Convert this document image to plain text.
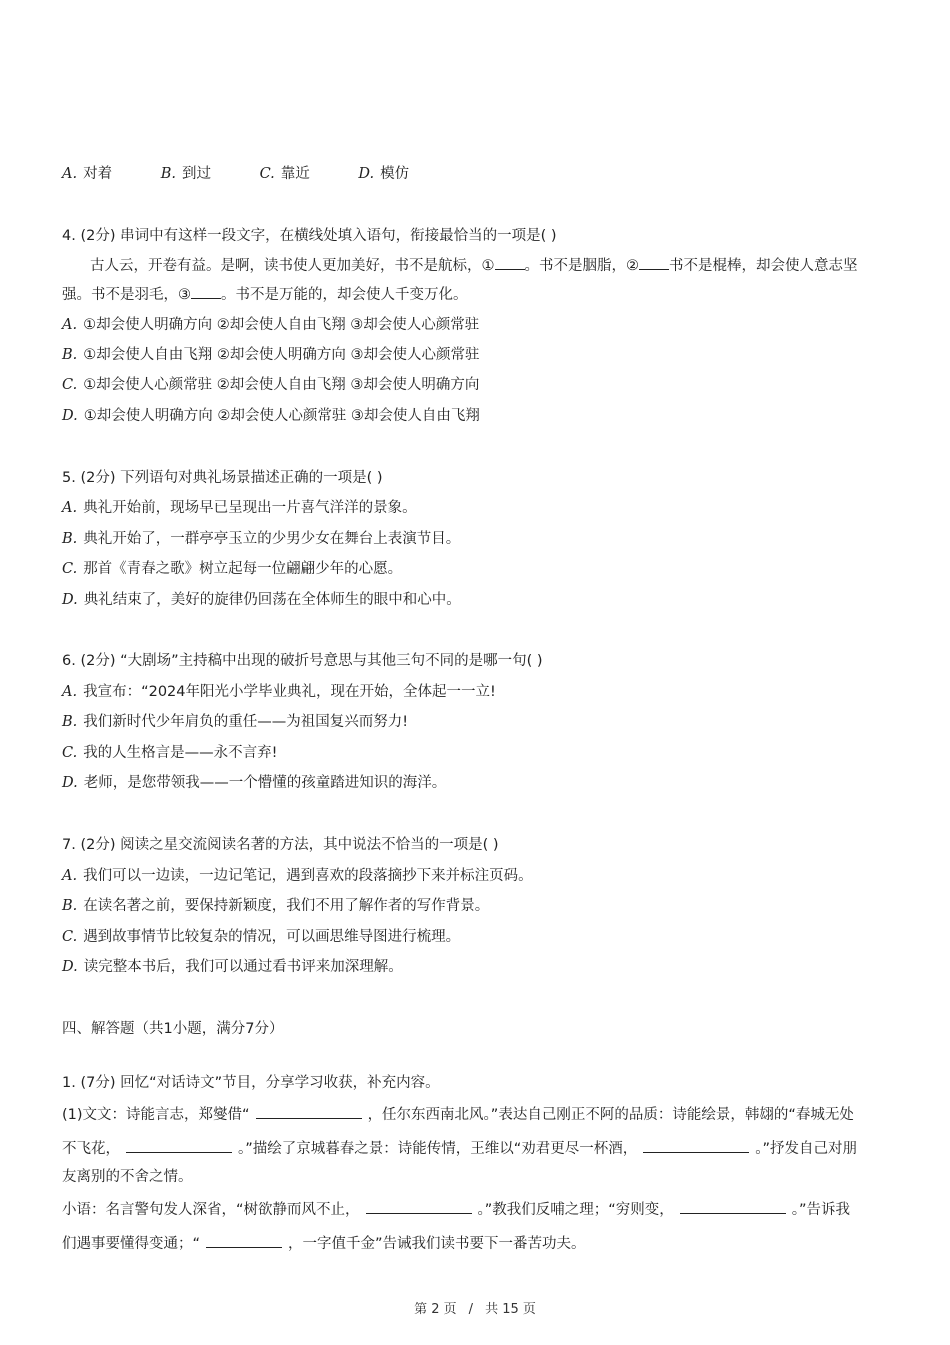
A. 对着	B. 到过	C. 靠近	D. 模仿
4. (2分) 串词中有这样一段文字，在横线处填入语句，衔接最恰当的一项是( )
古人云，开卷有益。是啊，读书使人更加美好，书不是航标，① 。书不是胭脂，② 书不是棍棒，却会使人意志坚
强。书不是羽毛，③ 。书不是万能的，却会使人千变万化。
A. ①却会使人明确方向 ②却会使人自由飞翔 ③却会使人心颜常驻
B. ①却会使人自由飞翔 ②却会使人明确方向 ③却会使人心颜常驻
C. ①却会使人心颜常驻 ②却会使人自由飞翔 ③却会使人明确方向
D. ①却会使人明确方向 ②却会使人心颜常驻 ③却会使人自由飞翔
5. (2分) 下列语句对典礼场景描述正确的一项是( )
A. 典礼开始前，现场早已呈现出一片喜气洋洋的景象。
B. 典礼开始了，一群亭亭玉立的少男少女在舞台上表演节目。
C. 那首《青春之歌》树立起每一位翩翩少年的心愿。
D. 典礼结束了，美好的旋律仍回荡在全体师生的眼中和心中。
6. (2分) “大剧场”主持稿中出现的破折号意思与其他三句不同的是哪一句( )
A. 我宣布：“2024年阳光小学毕业典礼，现在开始，全体起一一立!
B. 我们新时代少年肩负的重任——为祖国复兴而努力!
C. 我的人生格言是——永不言弃!
D. 老师，是您带领我——一个懵懂的孩童踏进知识的海洋。
7. (2分) 阅读之星交流阅读名著的方法，其中说法不恰当的一项是( )
A. 我们可以一边读，一边记笔记，遇到喜欢的段落摘抄下来并标注页码。
B. 在读名著之前，要保持新颖度，我们不用了解作者的写作背景。
C. 遇到故事情节比较复杂的情况，可以画思维导图进行梳理。
D. 读完整本书后，我们可以通过看书评来加深理解。
四、解答题（共1小题，满分7分）
1. (7分) 回忆“对话诗文”节目，分享学习收获，补充内容。
(1)文文：诗能言志，郑燮借“	，任尔东西南北风。”表达自己刚正不阿的品质：诗能绘景，韩翃的“春城无处
不飞花，	。”描绘了京城暮春之景：诗能传情，王维以“劝君更尽一杯酒，	。”抒发自己对朋
友离别的不舍之情。
小语：名言警句发人深省，“树欲静而风不止，	。”教我们反哺之理；“穷则变，	。”告诉我
们遇事要懂得变通；“	，一字值千金”告诫我们读书要下一番苦功夫。
第 2 页 / 共 15 页
